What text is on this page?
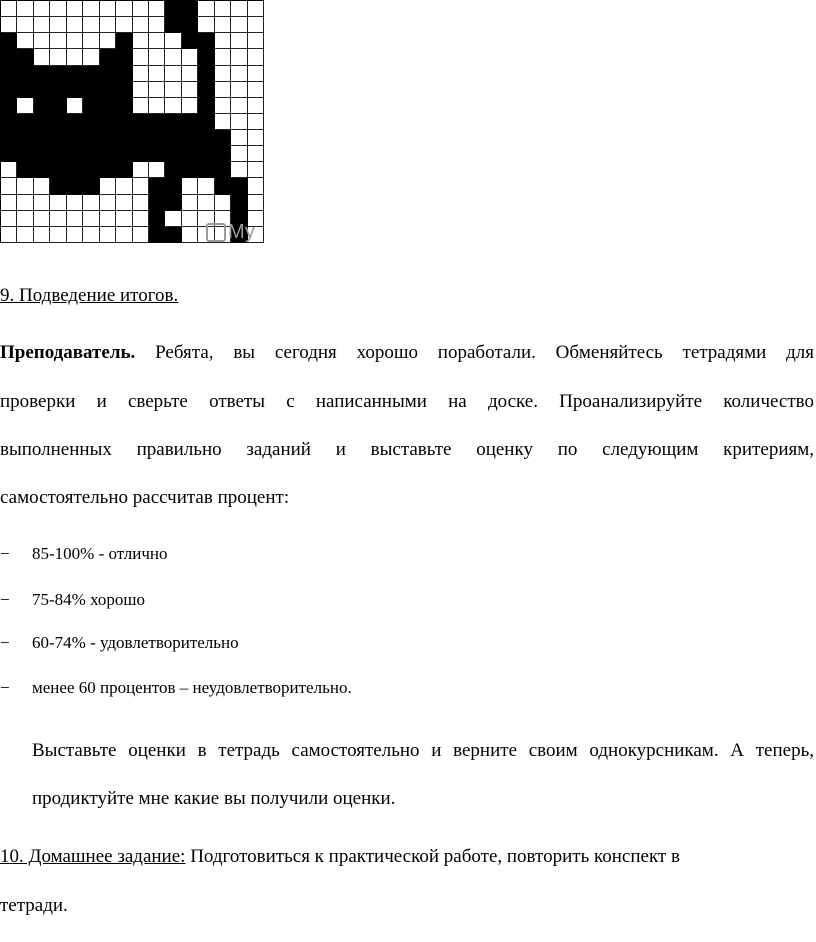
Му
9. Подведение итогов.
Преподаватель. Ребята, вы сегодня хорошо поработали. Обменяйтесь тетрадями для
проверки и сверьте ответы с написанными на доске. Проанализируйте количество
выполненных правильно заданий и выставьте оценку по следующим критериям,
самостоятельно рассчитав процент:
− 85-100% - отлично
− 75-84% хорошо
− 60-74% - удовлетворительно
− менее 60 процентов – неудовлетворительно.
Выставьте оценки в тетрадь самостоятельно и верните своим однокурсникам. А теперь,
продиктуйте мне какие вы получили оценки.
10. Домашнее задание: Подготовиться к практической работе, повторить конспект в
тетради.
